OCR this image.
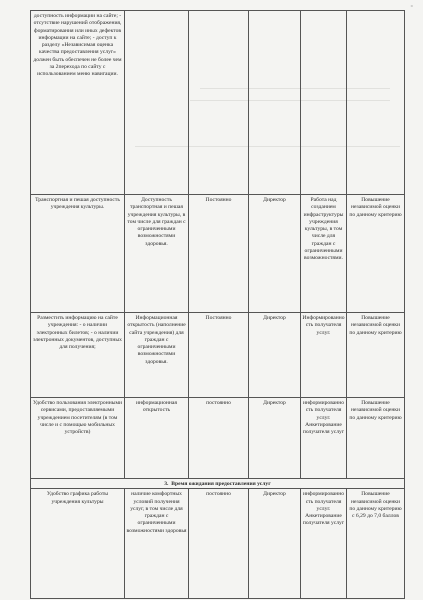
»
доступность информации на сайте; - отсутствие нарушений отображения, форматирования или иных дефектов информации на сайте; - доступ к разделу «Независимая оценка качества предоставления услуг» должен быть обеспечен не более чем за 2перехода по сайту с использованием меню навигации.					
Транспортная и пешая доступность учреждения культуры.	Доступность транспортная и пешая учреждения культуры, в том числе для граждан с ограниченными возможностями здоровья.	Постоянно	Директор	Работа над созданием инфраструктуры учреждения культуры, в том числе для граждан с ограниченными возможностями.	Повышение независимой оценки по данному критерию
Разместить информацию на сайте учреждения: - о наличии электронных билетов; - о наличии электронных документов, доступных для получения;	Информационная открытость (наполнение сайта учреждения) для граждан с ограниченными возможностями здоровья.	Постоянно	Директор	Информированность получателя услуг.	Повышение независимой оценки по данному критерию
Удобство пользования электронными сервисами, предоставляемыми учреждением посетителям (в том числе и с помощью мобильных устройств)	информационная открытость	постоянно	Директор	информированность получателя услуг. Анкетирование получателя услуг	Повышение независимой оценки по данному критерию
3. Время ожидания предоставления услуг					
Удобство графика работы учреждения культуры	наличие комфортных условий получения услуг, в том числе для граждан с ограниченными возможностями здоровья	постоянно	Директор	информированность получателя услуг. Анкетирование получателя услуг	Повышение независимой оценки по данному критерию с 6,29 до 7,0 баллов
